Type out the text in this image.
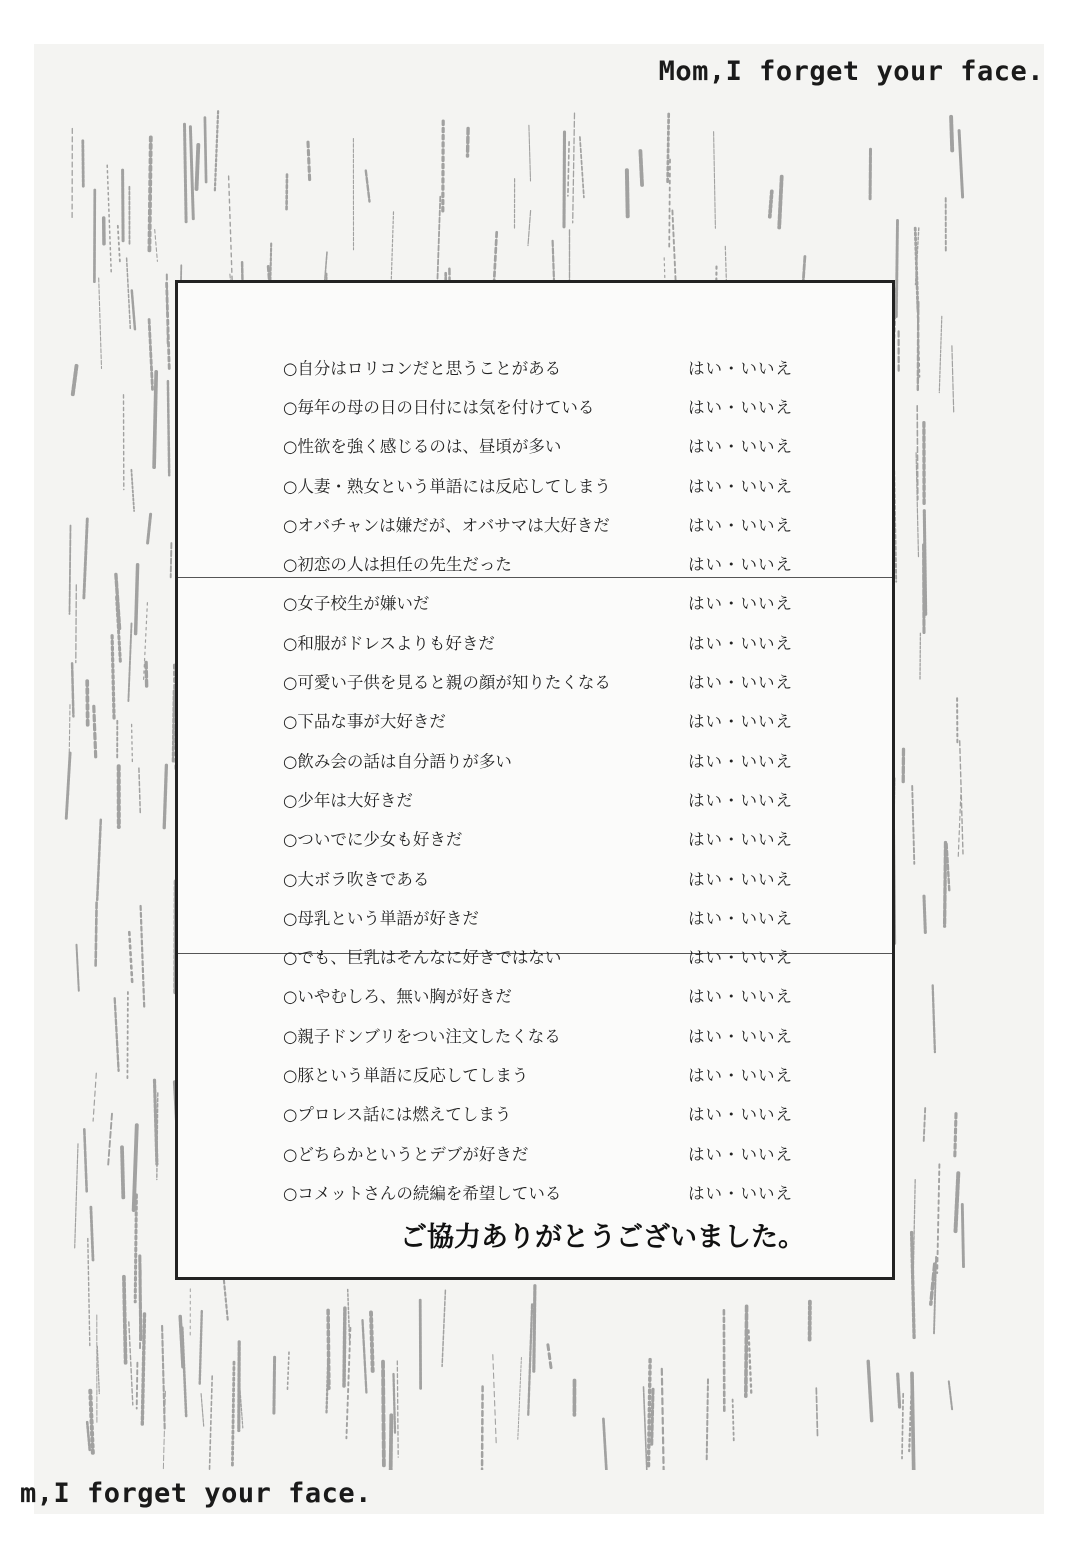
Mom,I forget your face.
○自分はロリコンだと思うことがある	はい・いいえ
○毎年の母の日の日付には気を付けている	はい・いいえ
○性欲を強く感じるのは、昼頃が多い	はい・いいえ
○人妻・熟女という単語には反応してしまう	はい・いいえ
○オバチャンは嫌だが、オバサマは大好きだ	はい・いいえ
○初恋の人は担任の先生だった	はい・いいえ
○女子校生が嫌いだ	はい・いいえ
○和服がドレスよりも好きだ	はい・いいえ
○可愛い子供を見ると親の顔が知りたくなる	はい・いいえ
○下品な事が大好きだ	はい・いいえ
○飲み会の話は自分語りが多い	はい・いいえ
○少年は大好きだ	はい・いいえ
○ついでに少女も好きだ	はい・いいえ
○大ボラ吹きである	はい・いいえ
○母乳という単語が好きだ	はい・いいえ
○でも、巨乳はそんなに好きではない	はい・いいえ
○いやむしろ、無い胸が好きだ	はい・いいえ
○親子ドンブリをつい注文したくなる	はい・いいえ
○豚という単語に反応してしまう	はい・いいえ
○プロレス話には燃えてしまう	はい・いいえ
○どちらかというとデブが好きだ	はい・いいえ
○コメットさんの続編を希望している	はい・いいえ
ご協力ありがとうございました。
m,I forget your face.
